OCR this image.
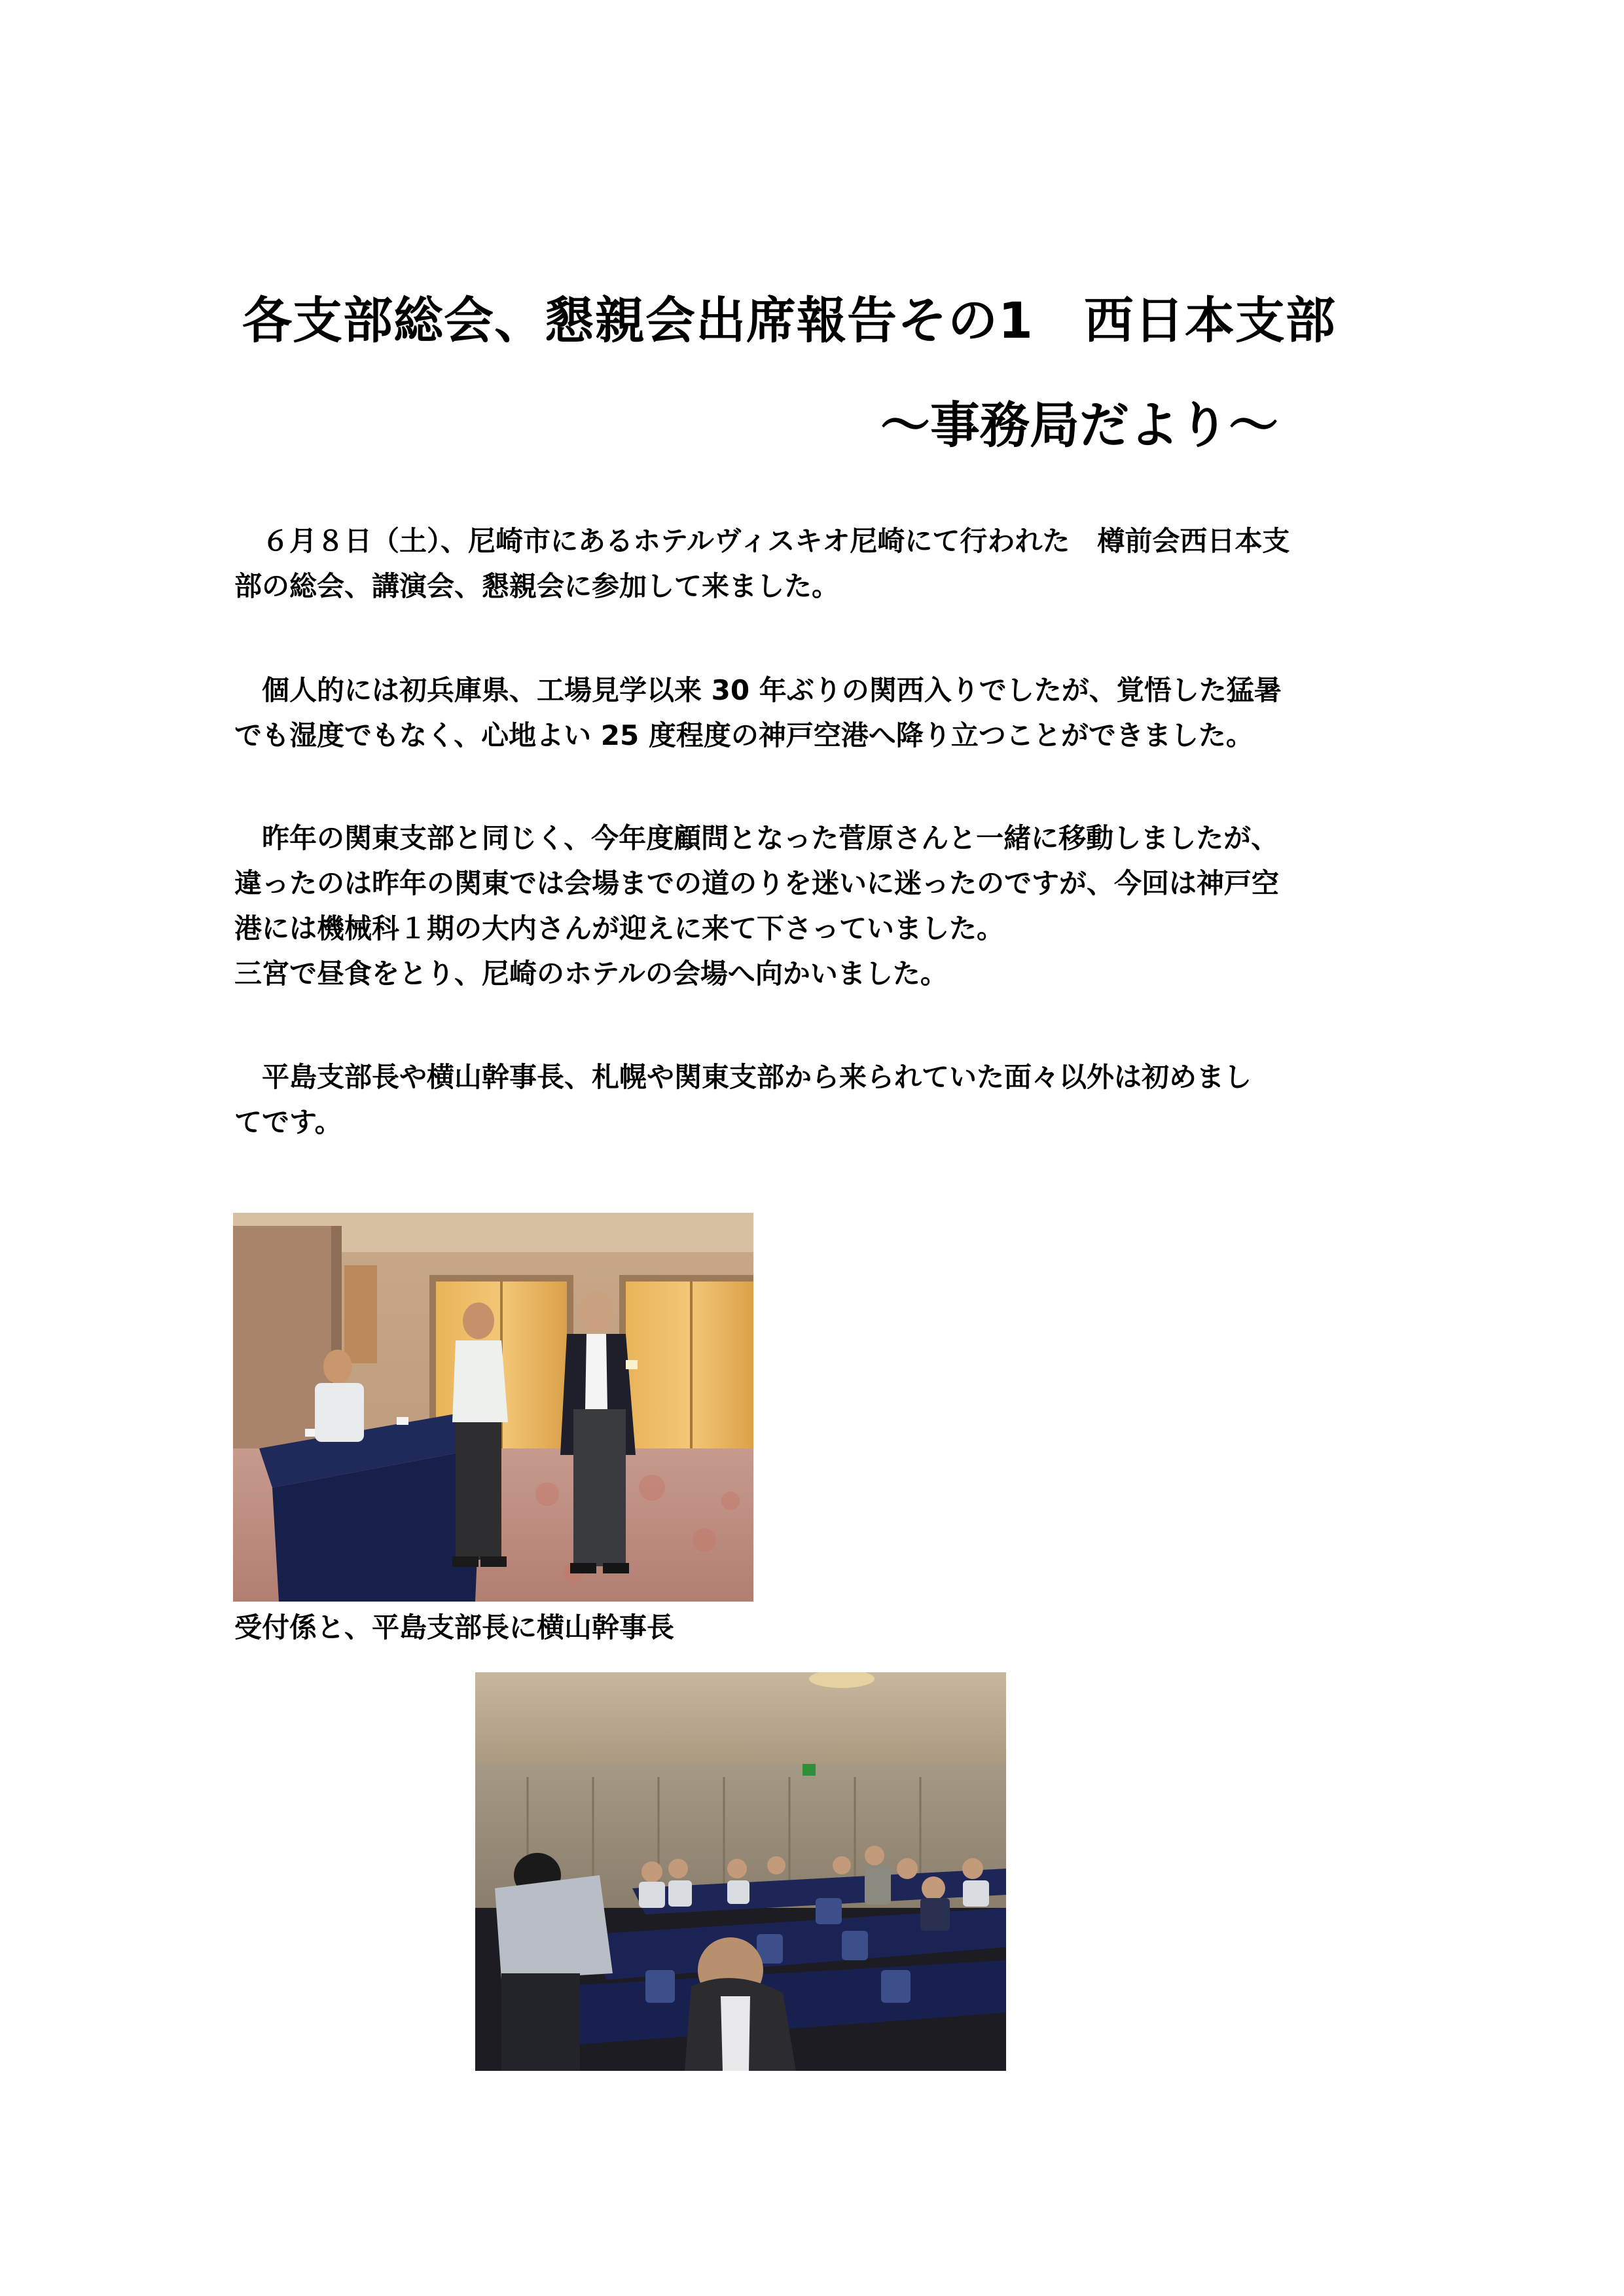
各支部総会、懇親会出席報告その1　西日本支部
～事務局だより～
　６月８日（土）、尼崎市にあるホテルヴィスキオ尼崎にて行われた　樽前会西日本支
部の総会、講演会、懇親会に参加して来ました。
　個人的には初兵庫県、工場見学以来 30 年ぶりの関西入りでしたが、覚悟した猛暑
でも湿度でもなく、心地よい 25 度程度の神戸空港へ降り立つことができました。
　昨年の関東支部と同じく、今年度顧問となった菅原さんと一緒に移動しましたが、
違ったのは昨年の関東では会場までの道のりを迷いに迷ったのですが、今回は神戸空
港には機械科１期の大内さんが迎えに来て下さっていました。
三宮で昼食をとり、尼崎のホテルの会場へ向かいました。
　平島支部長や横山幹事長、札幌や関東支部から来られていた面々以外は初めまし
てです。
受付係と、平島支部長に横山幹事長
